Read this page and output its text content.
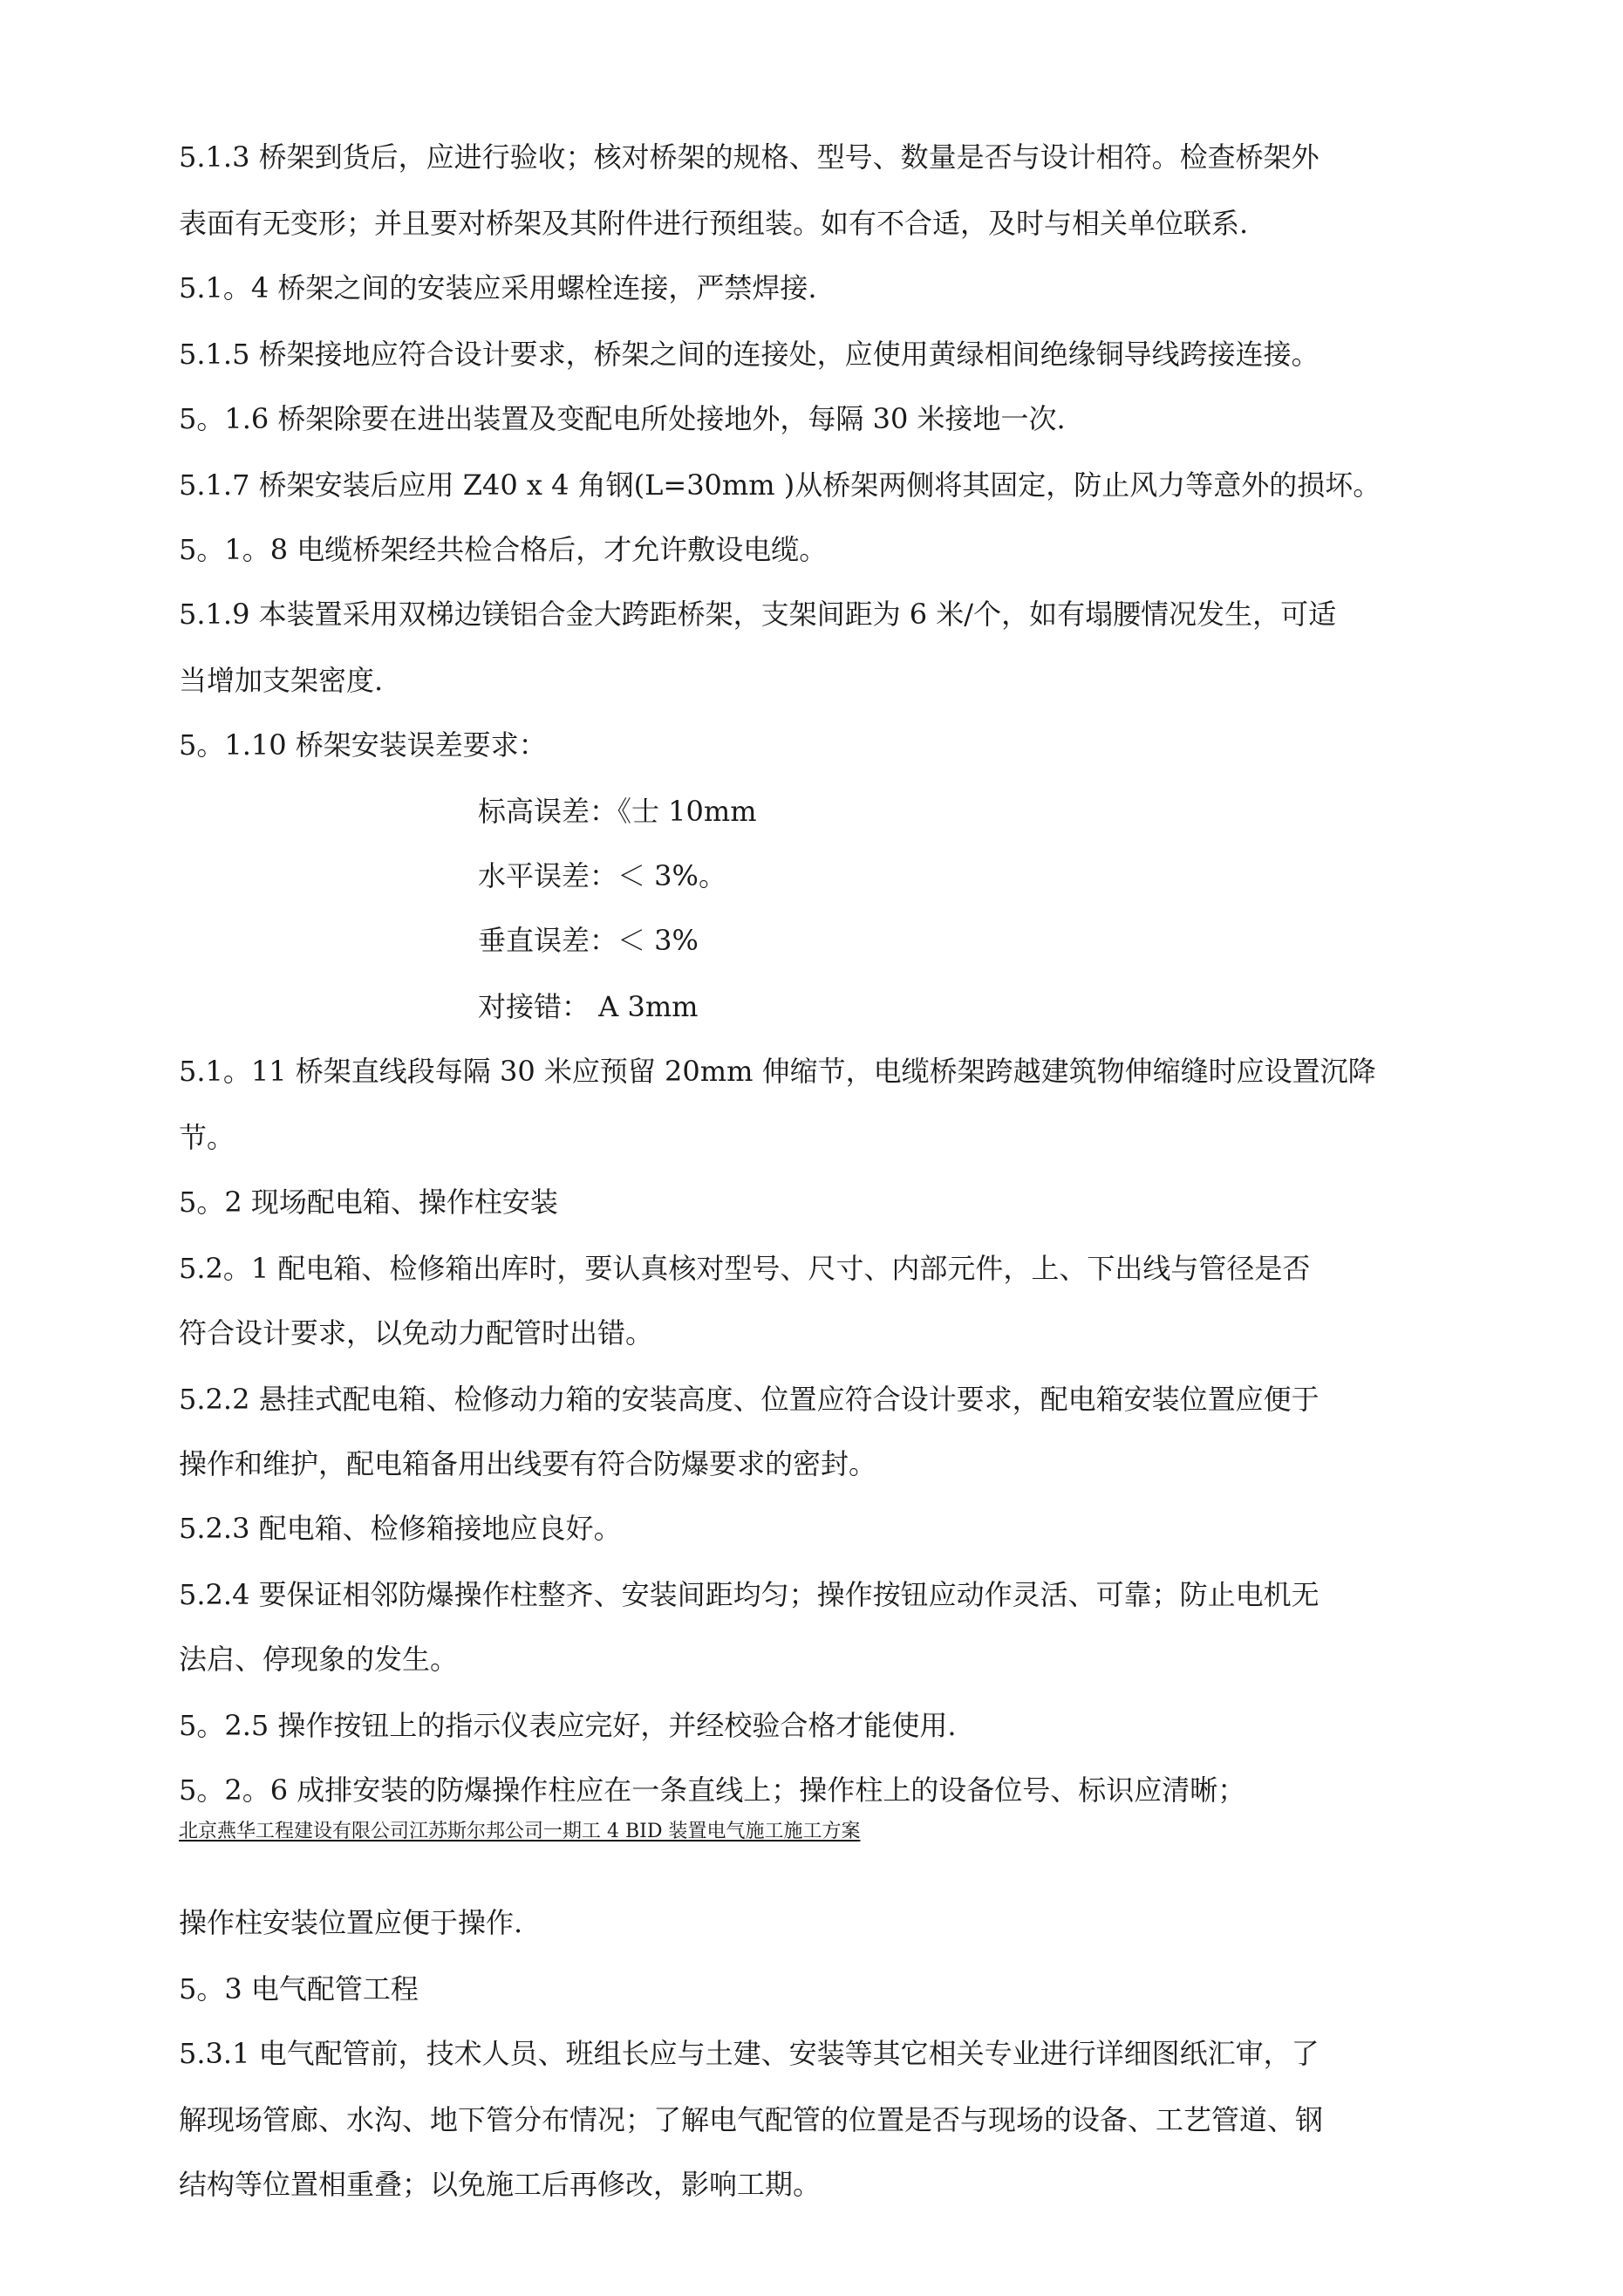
5.1.3 桥架到货后，应进行验收；核对桥架的规格、型号、数量是否与设计相符。检查桥架外
表面有无变形；并且要对桥架及其附件进行预组装。如有不合适，及时与相关单位联系.
5.1。4 桥架之间的安装应采用螺栓连接，严禁焊接.
5.1.5 桥架接地应符合设计要求，桥架之间的连接处，应使用黄绿相间绝缘铜导线跨接连接。
5。1.6 桥架除要在进出装置及变配电所处接地外，每隔 30 米接地一次.
5.1.7 桥架安装后应用 Z40 x 4 角钢(L=30mm )从桥架两侧将其固定，防止风力等意外的损坏。
5。1。8 电缆桥架经共检合格后，才允许敷设电缆。
5.1.9 本装置采用双梯边镁铝合金大跨距桥架，支架间距为 6 米/个，如有塌腰情况发生，可适
当增加支架密度.
5。1.10 桥架安装误差要求：
标高误差：《士 10mm
水平误差：＜ 3%。
垂直误差：＜ 3%
对接错： A 3mm
5.1。11 桥架直线段每隔 30 米应预留 20mm 伸缩节，电缆桥架跨越建筑物伸缩缝时应设置沉降
节。
5。2 现场配电箱、操作柱安装
5.2。1 配电箱、检修箱出库时，要认真核对型号、尺寸、内部元件，上、下出线与管径是否
符合设计要求，以免动力配管时出错。
5.2.2 悬挂式配电箱、检修动力箱的安装高度、位置应符合设计要求，配电箱安装位置应便于
操作和维护，配电箱备用出线要有符合防爆要求的密封。
5.2.3 配电箱、检修箱接地应良好。
5.2.4 要保证相邻防爆操作柱整齐、安装间距均匀；操作按钮应动作灵活、可靠；防止电机无
法启、停现象的发生。
5。2.5 操作按钮上的指示仪表应完好，并经校验合格才能使用.
5。2。6 成排安装的防爆操作柱应在一条直线上；操作柱上的设备位号、标识应清晰；
北京燕华工程建设有限公司江苏斯尔邦公司一期工 4 BID 装置电气施工施工方案
操作柱安装位置应便于操作.
5。3 电气配管工程
5.3.1 电气配管前，技术人员、班组长应与土建、安装等其它相关专业进行详细图纸汇审，了
解现场管廊、水沟、地下管分布情况；了解电气配管的位置是否与现场的设备、工艺管道、钢
结构等位置相重叠；以免施工后再修改，影响工期。
